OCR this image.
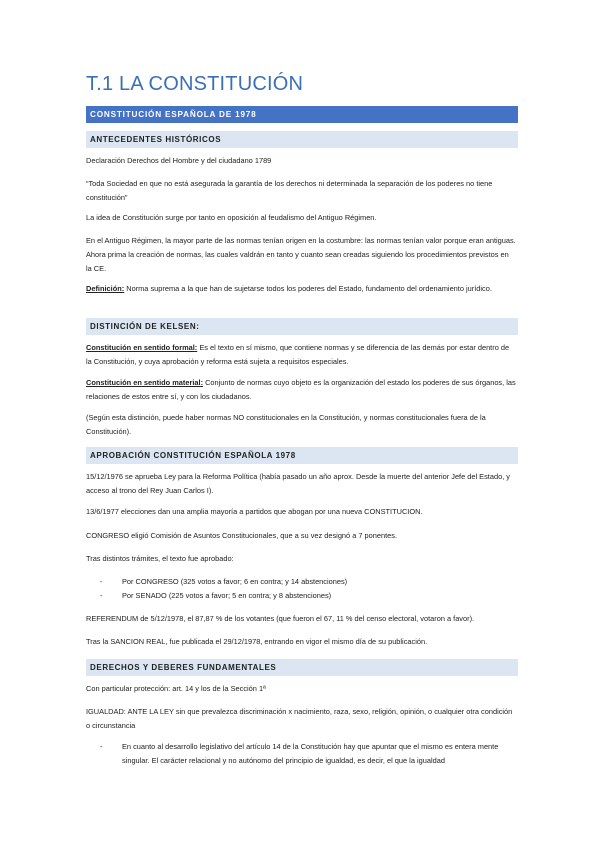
T.1 LA CONSTITUCIÓN
CONSTITUCIÓN ESPAÑOLA DE 1978
ANTECEDENTES HISTÓRICOS

Declaración Derechos del Hombre y del ciudadano 1789

“Toda Sociedad en que no está asegurada la garantía de los derechos ni determinada la separación de los poderes no tiene constitución”

La idea de Constitución surge por tanto en oposición al feudalismo del Antiguo Régimen.

En el Antiguo Régimen, la mayor parte de las normas tenían origen en la costumbre: las normas tenían valor porque eran antiguas. Ahora prima la creación de normas, las cuales valdrán en tanto y cuanto sean creadas siguiendo los procedimientos previstos en la CE.

Definición: Norma suprema a la que han de sujetarse todos los poderes del Estado, fundamento del ordenamiento jurídico.

DISTINCIÓN DE KELSEN:

Constitución en sentido formal: Es el texto en sí mismo, que contiene normas y se diferencia de las demás por estar dentro de la Constitución, y cuya aprobación y reforma está sujeta a requisitos especiales.

Constitución en sentido material: Conjunto de normas cuyo objeto es la organización del estado los poderes de sus órganos, las relaciones de estos entre sí, y con los ciudadanos.

(Según esta distinción, puede haber normas NO constitucionales en la Constitución, y normas constitucionales fuera de la Constitución).

APROBACIÓN CONSTITUCIÓN ESPAÑOLA 1978

15/12/1976 se aprueba Ley para la Reforma Política (había pasado un año aprox. Desde la muerte del anterior Jefe del Estado, y acceso al trono del Rey Juan Carlos I).

13/6/1977 elecciones dan una amplia mayoría a partidos que abogan por una nueva CONSTITUCION.

CONGRESO eligió Comisión de Asuntos Constitucionales, que a su vez designó a 7 ponentes.

Tras distintos trámites, el texto fue aprobado:

-	Por CONGRESO (325 votos a favor; 6 en contra; y 14 abstenciones)
-	Por SENADO (225 votos a favor; 5 en contra; y 8 abstenciones)

REFERENDUM de 5/12/1978, el 87,87 % de los votantes (que fueron el 67, 11 % del censo electoral, votaron a favor).

Tras la SANCION REAL, fue publicada el 29/12/1978, entrando en vigor el mismo día de su publicación.

DERECHOS Y DEBERES FUNDAMENTALES

Con particular protección: art. 14 y los de la Sección 1ª

IGUALDAD: ANTE LA LEY sin que prevalezca discriminación x nacimiento, raza, sexo, religión, opinión, o cualquier otra condición o circunstancia

-	En cuanto al desarrollo legislativo del artículo 14 de la Constitución hay que apuntar que el mismo es entera mente singular. El carácter relacional y no autónomo del principio de igualdad, es decir, el que la igualdad
